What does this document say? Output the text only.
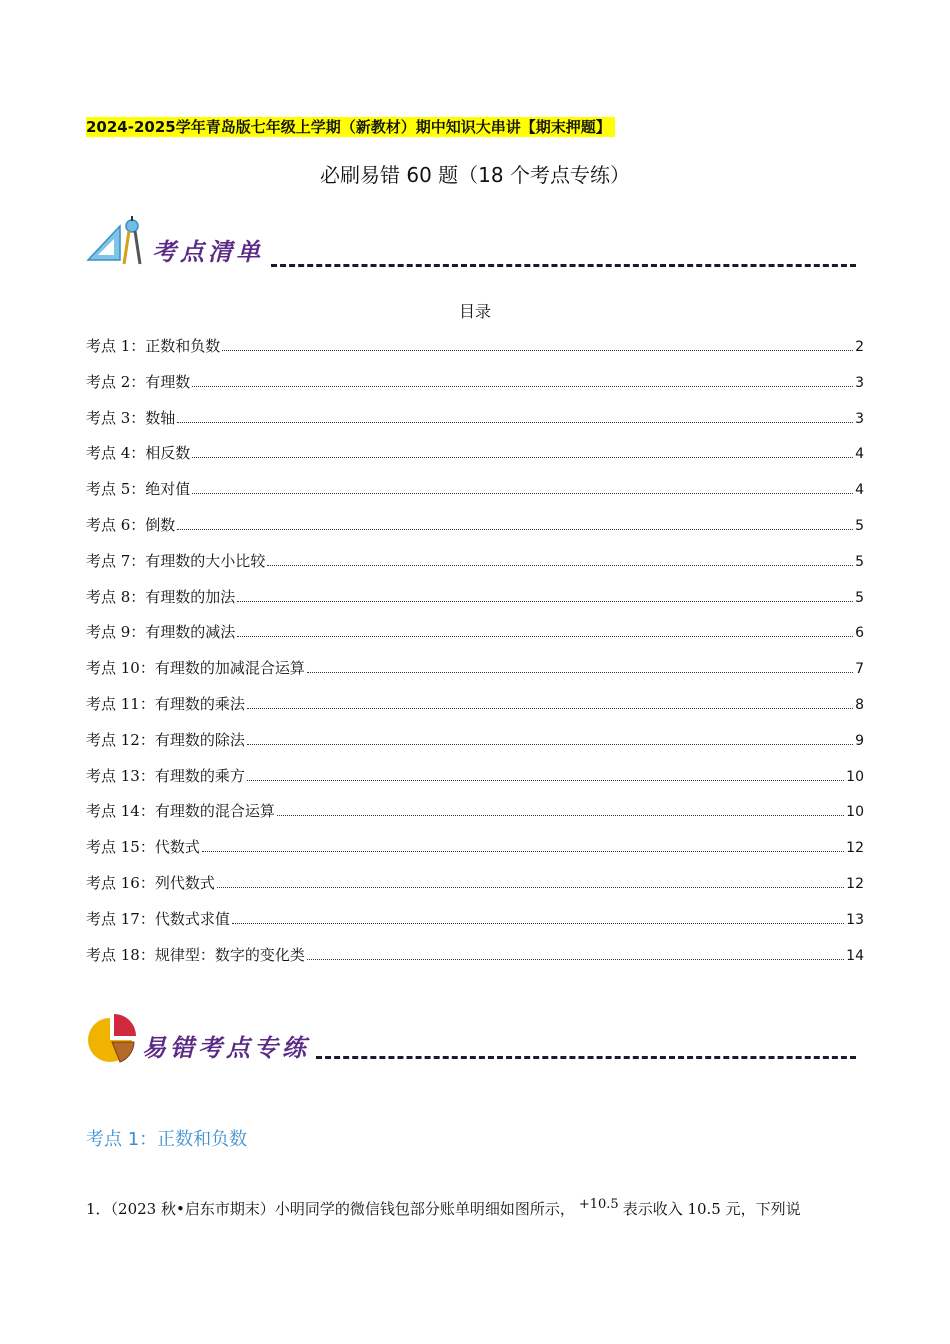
2024-2025学年青岛版七年级上学期（新教材）期中知识大串讲【期末押题】
必刷易错 60 题（18 个考点专练）
考点清单
目录
考点 1：正数和负数	2
考点 2：有理数	3
考点 3：数轴	3
考点 4：相反数	4
考点 5：绝对值	4
考点 6：倒数	5
考点 7：有理数的大小比较	5
考点 8：有理数的加法	5
考点 9：有理数的减法	6
考点 10：有理数的加减混合运算	7
考点 11：有理数的乘法	8
考点 12：有理数的除法	9
考点 13：有理数的乘方	10
考点 14：有理数的混合运算	10
考点 15：代数式	12
考点 16：列代数式	12
考点 17：代数式求值	13
考点 18：规律型：数字的变化类	14
易错考点专练
考点 1：正数和负数
1．（2023 秋•启东市期末）小明同学的微信钱包部分账单明细如图所示， +10.5 表示收入 10.5 元，下列说
